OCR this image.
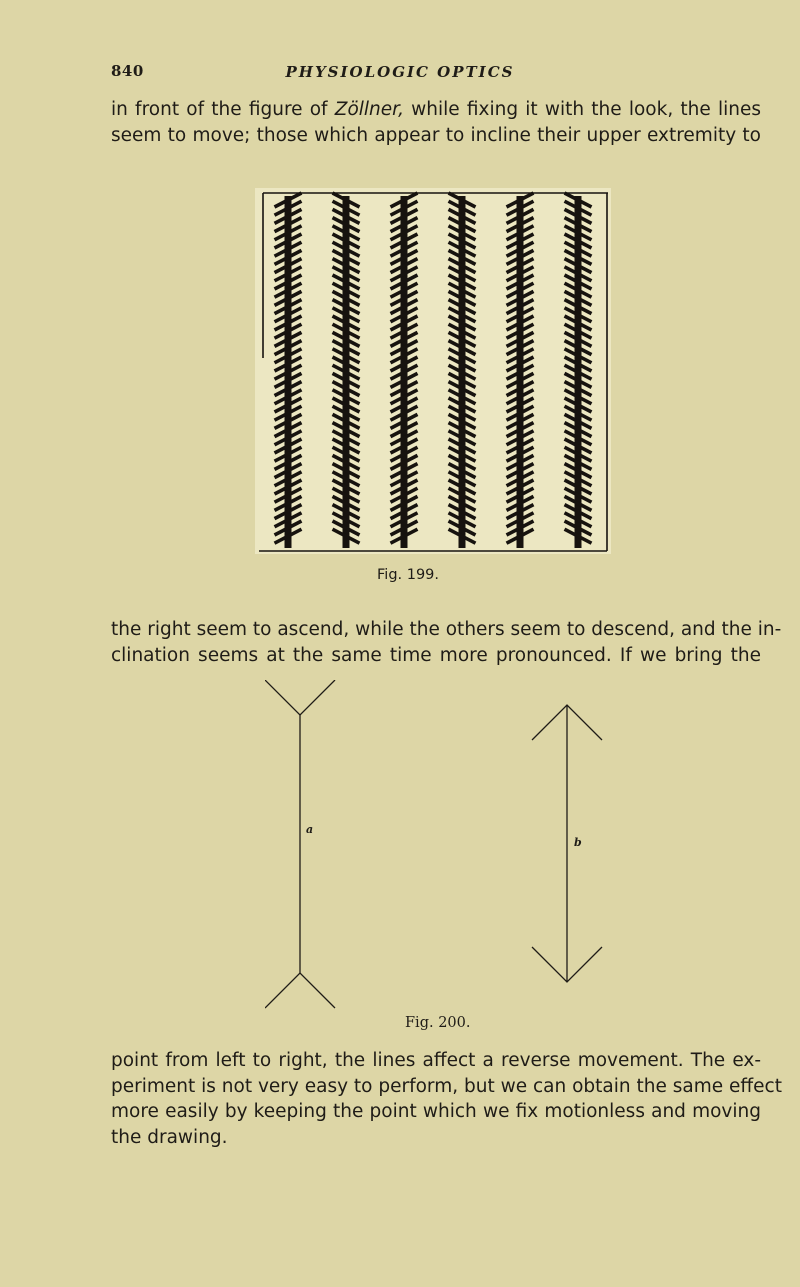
840	PHYSIOLOGIC OPTICS
in front of the figure of Zöllner, while fixing it with the look, the lines
seem to move; those which appear to incline their upper extremity to
Fig. 199.
the right seem to ascend, while the others seem to descend, and the in-
clination seems at the same time more pronounced. If we bring the
a
b
Fig. 200.
point from left to right, the lines affect a reverse movement. The ex-
periment is not very easy to perform, but we can obtain the same effect
more easily by keeping the point which we fix motionless and moving
the drawing.
